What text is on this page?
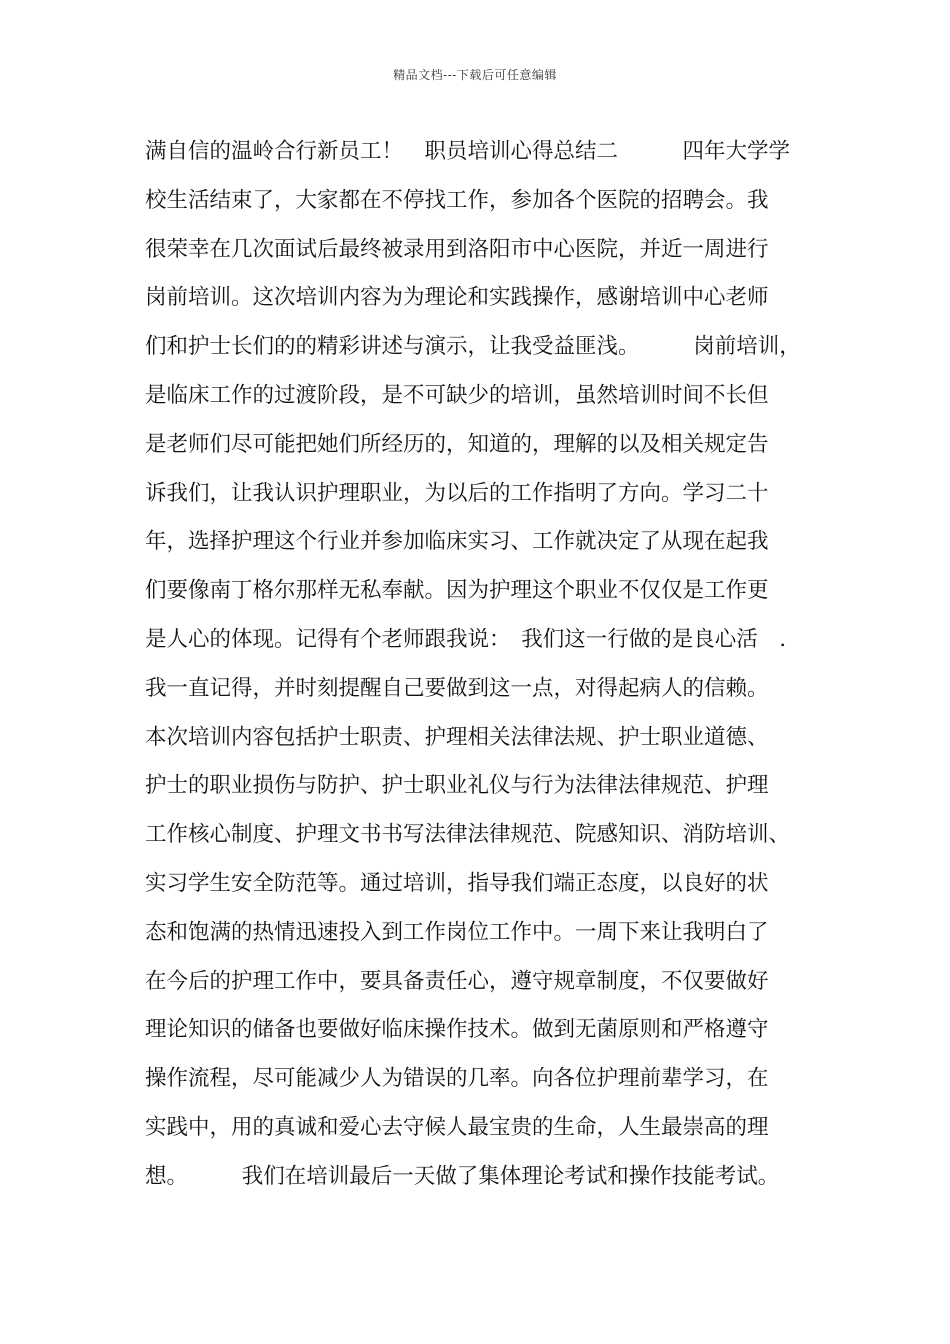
精品文档---下载后可任意编辑
满自信的温岭合行新员工！　职员培训心得总结二　　　四年大学学
校生活结束了，大家都在不停找工作，参加各个医院的招聘会。我
很荣幸在几次面试后最终被录用到洛阳市中心医院，并近一周进行
岗前培训。这次培训内容为为理论和实践操作，感谢培训中心老师
们和护士长们的的精彩讲述与演示，让我受益匪浅。　　　岗前培训，
是临床工作的过渡阶段，是不可缺少的培训，虽然培训时间不长但
是老师们尽可能把她们所经历的，知道的，理解的以及相关规定告
诉我们，让我认识护理职业，为以后的工作指明了方向。学习二十
年，选择护理这个行业并参加临床实习、工作就决定了从现在起我
们要像南丁格尔那样无私奉献。因为护理这个职业不仅仅是工作更
是人心的体现。记得有个老师跟我说：　我们这一行做的是良心活　.
我一直记得，并时刻提醒自己要做到这一点，对得起病人的信赖。
本次培训内容包括护士职责、护理相关法律法规、护士职业道德、
护士的职业损伤与防护、护士职业礼仪与行为法律法律规范、护理
工作核心制度、护理文书书写法律法律规范、院感知识、消防培训、
实习学生安全防范等。通过培训，指导我们端正态度，以良好的状
态和饱满的热情迅速投入到工作岗位工作中。一周下来让我明白了
在今后的护理工作中，要具备责任心，遵守规章制度，不仅要做好
理论知识的储备也要做好临床操作技术。做到无菌原则和严格遵守
操作流程，尽可能减少人为错误的几率。向各位护理前辈学习，在
实践中，用的真诚和爱心去守候人最宝贵的生命，人生最崇高的理
想。　　　我们在培训最后一天做了集体理论考试和操作技能考试。
